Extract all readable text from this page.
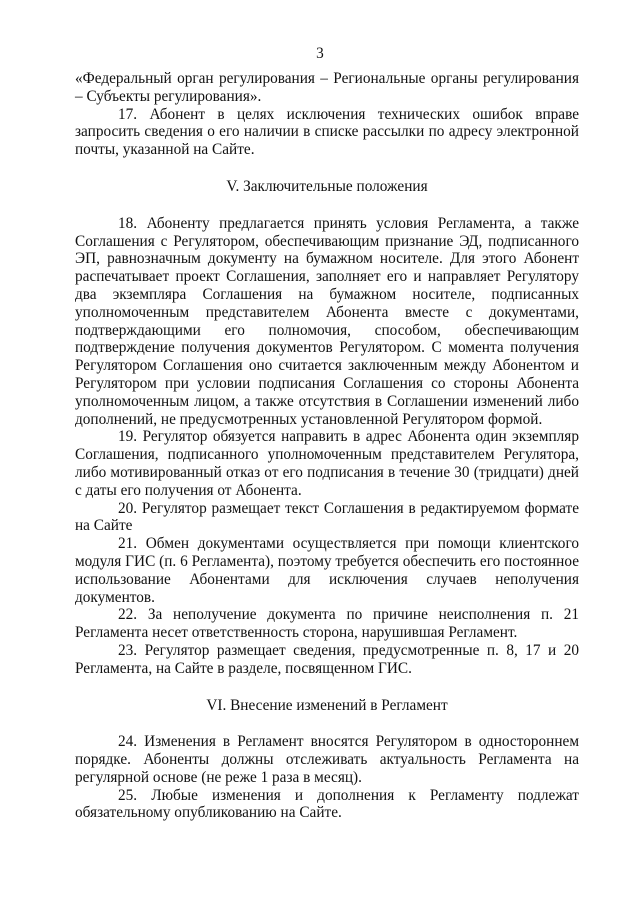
3

«Федеральный орган регулирования – Региональные органы регулирования – Субъекты регулирования».

17. Абонент в целях исключения технических ошибок вправе запросить сведения о его наличии в списке рассылки по адресу электронной почты, указанной на Сайте.

V. Заключительные положения

18. Абоненту предлагается принять условия Регламента, а также Соглашения с Регулятором, обеспечивающим признание ЭД, подписанного ЭП, равнозначным документу на бумажном носителе. Для этого Абонент распечатывает проект Соглашения, заполняет его и направляет Регулятору два экземпляра Соглашения на бумажном носителе, подписанных уполномоченным представителем Абонента вместе с документами, подтверждающими его полномочия, способом, обеспечивающим подтверждение получения документов Регулятором. С момента получения Регулятором Соглашения оно считается заключенным между Абонентом и Регулятором при условии подписания Соглашения со стороны Абонента уполномоченным лицом, а также отсутствия в Соглашении изменений либо дополнений, не предусмотренных установленной Регулятором формой.

19. Регулятор обязуется направить в адрес Абонента один экземпляр Соглашения, подписанного уполномоченным представителем Регулятора, либо мотивированный отказ от его подписания в течение 30 (тридцати) дней с даты его получения от Абонента.

20. Регулятор размещает текст Соглашения в редактируемом формате на Сайте

21. Обмен документами осуществляется при помощи клиентского модуля ГИС (п. 6 Регламента), поэтому требуется обеспечить его постоянное использование Абонентами для исключения случаев неполучения документов.

22. За неполучение документа по причине неисполнения п. 21 Регламента несет ответственность сторона, нарушившая Регламент.

23. Регулятор размещает сведения, предусмотренные п. 8, 17 и 20 Регламента, на Сайте в разделе, посвященном ГИС.

VI. Внесение изменений в Регламент

24. Изменения в Регламент вносятся Регулятором в одностороннем порядке. Абоненты должны отслеживать актуальность Регламента на регулярной основе (не реже 1 раза в месяц).

25. Любые изменения и дополнения к Регламенту подлежат обязательному опубликованию на Сайте.
